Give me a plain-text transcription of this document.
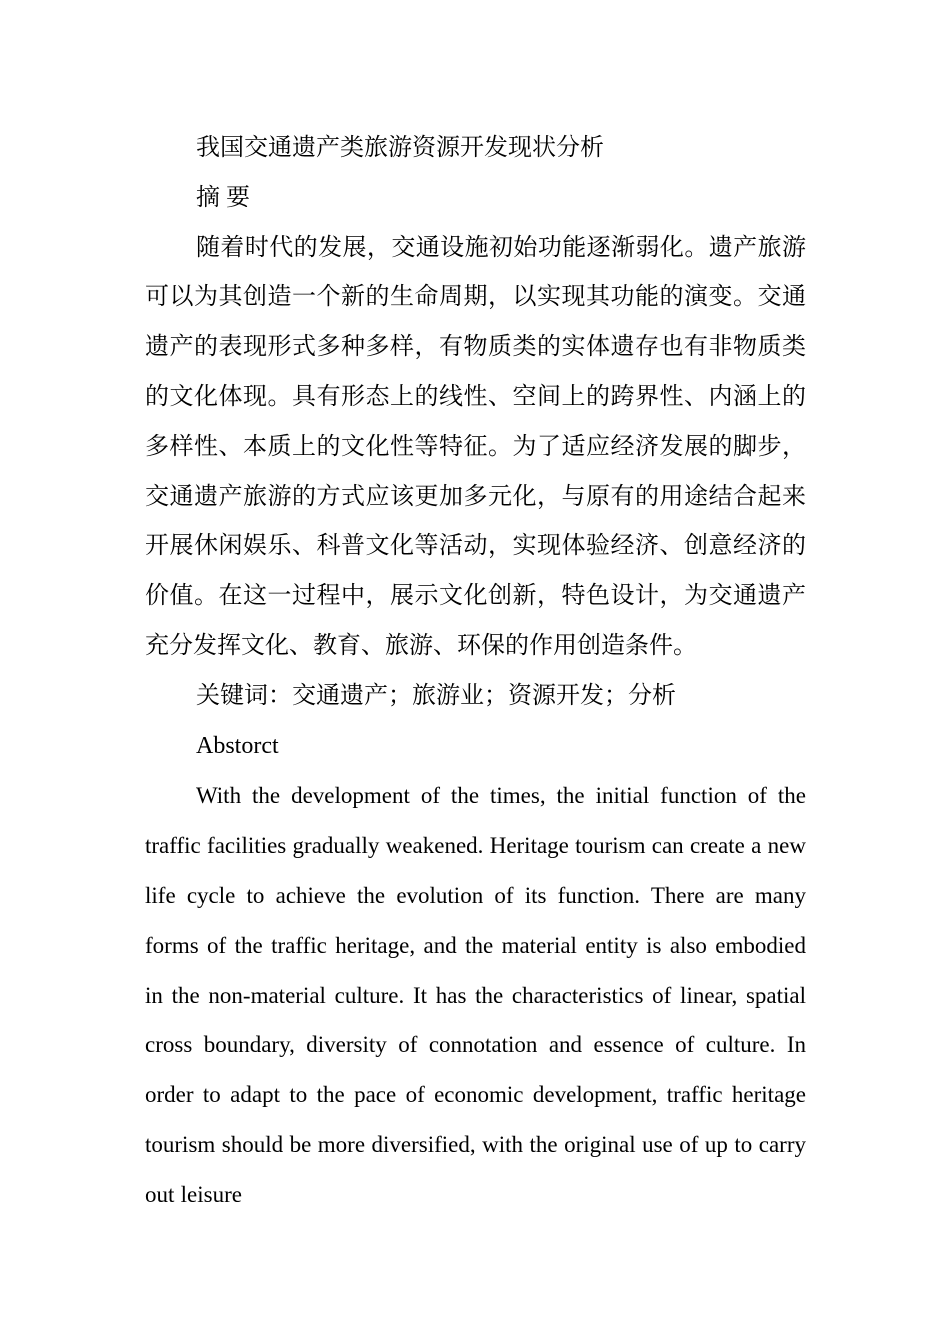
我国交通遗产类旅游资源开发现状分析
摘 要

随着时代的发展，交通设施初始功能逐渐弱化。遗产旅游可以为其创造一个新的生命周期，以实现其功能的演变。交通遗产的表现形式多种多样，有物质类的实体遗存也有非物质类的文化体现。具有形态上的线性、空间上的跨界性、内涵上的多样性、本质上的文化性等特征。为了适应经济发展的脚步，交通遗产旅游的方式应该更加多元化，与原有的用途结合起来开展休闲娱乐、科普文化等活动，实现体验经济、创意经济的价值。在这一过程中，展示文化创新，特色设计，为交通遗产充分发挥文化、教育、旅游、环保的作用创造条件。

关键词：交通遗产；旅游业；资源开发；分析
Abstorct

With the development of the times, the initial function of the traffic facilities gradually weakened. Heritage tourism can create a new life cycle to achieve the evolution of its function. There are many forms of the traffic heritage, and the material entity is also embodied in the non-material culture. It has the characteristics of linear, spatial cross boundary, diversity of connotation and essence of culture. In order to adapt to the pace of economic development, traffic heritage tourism should be more diversified, with the original use of up to carry out leisure
